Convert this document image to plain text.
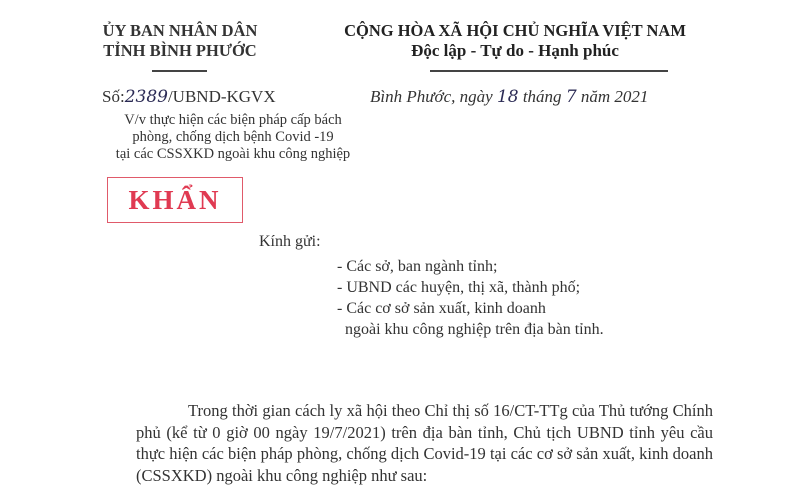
ỦY BAN NHÂN DÂN
TỈNH BÌNH PHƯỚC
CỘNG HÒA XÃ HỘI CHỦ NGHĨA VIỆT NAM
Độc lập - Tự do - Hạnh phúc
Số:2389/UBND-KGVX	Bình Phước, ngày 18 tháng 7 năm 2021
V/v thực hiện các biện pháp cấp bách
phòng, chống dịch bệnh Covid -19
tại các CSSXKD ngoài khu công nghiệp
KHẨN
Kính gửi:
- Các sở, ban ngành tỉnh;
- UBND các huyện, thị xã, thành phố;
- Các cơ sở sản xuất, kinh doanh
ngoài khu công nghiệp trên địa bàn tỉnh.

Trong thời gian cách ly xã hội theo Chỉ thị số 16/CT-TTg của Thủ tướng Chính phủ (kể từ 0 giờ 00 ngày 19/7/2021) trên địa bàn tỉnh, Chủ tịch UBND tỉnh yêu cầu thực hiện các biện pháp phòng, chống dịch Covid-19 tại các cơ sở sản xuất, kinh doanh (CSSXKD) ngoài khu công nghiệp như sau:
